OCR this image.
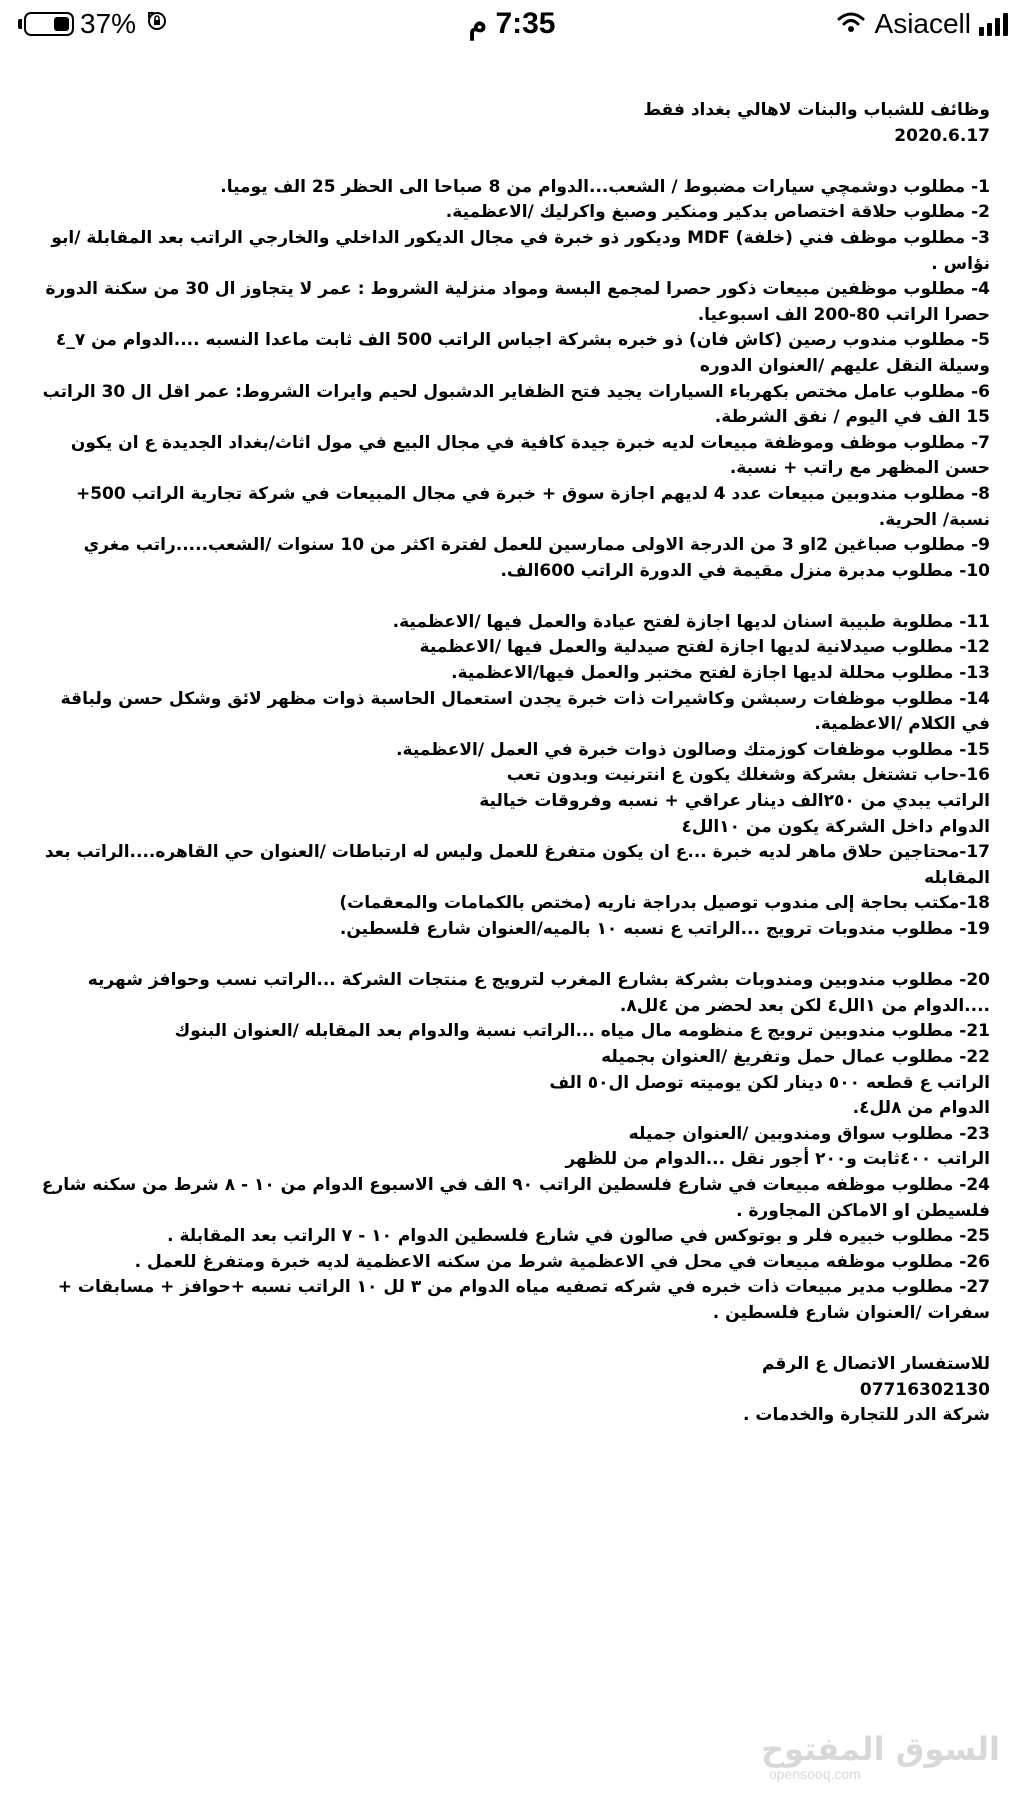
37%	7:35 م	Asiacell

وظائف للشباب والبنات لاهالي بغداد فقط

2020.6.17

1- مطلوب دوشمچي سيارات مضبوط / الشعب...الدوام من 8 صباحا الى الحظر 25 الف يوميا.

2- مطلوب حلاقة اختصاص بدكير ومنكير وصبغ واكرليك /الاعظمية.

3- مطلوب موظف فني (خلفة) MDF وديكور ذو خبرة في مجال الديكور الداخلي والخارجي الراتب بعد المقابلة /ابو نؤاس .

4- مطلوب موظفين مبيعات ذكور حصرا لمجمع البسة ومواد منزلية الشروط : عمر لا يتجاوز ال 30 من سكنة الدورة حصرا الراتب 80-200 الف اسبوعيا.

5- مطلوب مندوب رصين (كاش فان) ذو خبره بشركة اجباس الراتب 500 الف ثابت ماعدا النسبه ....الدوام من ٧_٤ وسيلة النقل عليهم /العنوان الدوره

6- مطلوب عامل مختص بكهرباء السيارات يجيد فتح الظفاير الدشبول لحيم وايرات الشروط: عمر اقل ال 30 الراتب 15 الف في اليوم / نفق الشرطة.

7- مطلوب موظف وموظفة مبيعات لديه خبرة جيدة كافية في مجال البيع في مول اثاث/بغداد الجديدة ع ان يكون حسن المظهر مع راتب + نسبة.

8- مطلوب مندوبين مبيعات عدد 4 لديهم اجازة سوق + خبرة في مجال المبيعات في شركة تجارية الراتب 500+ نسبة/ الحرية.

9- مطلوب صباغين 2او 3 من الدرجة الاولى ممارسين للعمل لفترة اكثر من 10 سنوات /الشعب.....راتب مغري

10- مطلوب مدبرة منزل مقيمة في الدورة الراتب 600الف.

11- مطلوبة طبيبة اسنان لديها اجازة لفتح عيادة والعمل فيها /الاعظمية.

12- مطلوب صيدلانية لديها اجازة لفتح صيدلية والعمل فيها /الاعظمية

13- مطلوب محللة لديها اجازة لفتح مختبر والعمل فيها/الاعظمية.

14- مطلوب موظفات رسبشن وكاشيرات ذات خبرة يجدن استعمال الحاسبة ذوات مظهر لائق وشكل حسن ولباقة في الكلام /الاعظمية.

15- مطلوب موظفات كوزمتك وصالون ذوات خبرة في العمل /الاعظمية.

16-حاب تشتغل بشركة وشغلك يكون ع انترنيت وبدون تعب

الراتب يبدي من ٢٥٠الف دينار عراقي + نسبه وفروقات خيالية

الدوام داخل الشركة يكون من ١٠الل٤

17-محتاجين حلاق ماهر لديه خبرة ...ع ان يكون متفرغ للعمل وليس له ارتباطات /العنوان حي القاهره....الراتب بعد المقابله

18-مكتب بحاجة إلى مندوب توصيل بدراجة ناريه (مختص بالكمامات والمعقمات)

19- مطلوب مندوبات ترويج ...الراتب ع نسبه ١٠ بالميه/العنوان شارع فلسطين.

20- مطلوب مندوبين ومندوبات بشركة بشارع المغرب لترويج ع منتجات الشركة ...الراتب نسب وحوافز شهريه ....الدوام من ١الل٤ لكن بعد لحضر من ٤لل٨.

21- مطلوب مندوبين ترويج ع منظومه مال مياه ...الراتب نسبة والدوام بعد المقابله /العنوان البنوك

22- مطلوب عمال حمل وتفريغ /العنوان بجميله

الراتب ع قطعه ٥٠٠ دينار لكن يوميته توصل ال٥٠ الف

الدوام من ٨لل٤.

23- مطلوب سواق ومندوبين /العنوان جميله

الراتب ٤٠٠ثابت و٢٠٠ أجور نقل ...الدوام من للظهر

24- مطلوب موظفه مبيعات في شارع فلسطين الراتب ٩٠ الف في الاسبوع الدوام من ١٠ - ٨ شرط من سكنه شارع فلسيطن او الاماكن المجاورة .

25- مطلوب خبيره فلر و بوتوكس في صالون في شارع فلسطين الدوام ١٠ - ٧ الراتب بعد المقابلة .

26- مطلوب موظفه مبيعات في محل في الاعظمية شرط من سكنه الاعظمية لديه خبرة ومتفرغ للعمل .

27- مطلوب مدير مبيعات ذات خبره في شركه تصفيه مياه الدوام من ٣ لل ١٠ الراتب نسبه +حوافز + مسابقات + سفرات /العنوان شارع فلسطين .

للاستفسار الاتصال ع الرقم

07716302130

شركة الدر للتجارة والخدمات .

السوق المفتوح
opensooq.com
